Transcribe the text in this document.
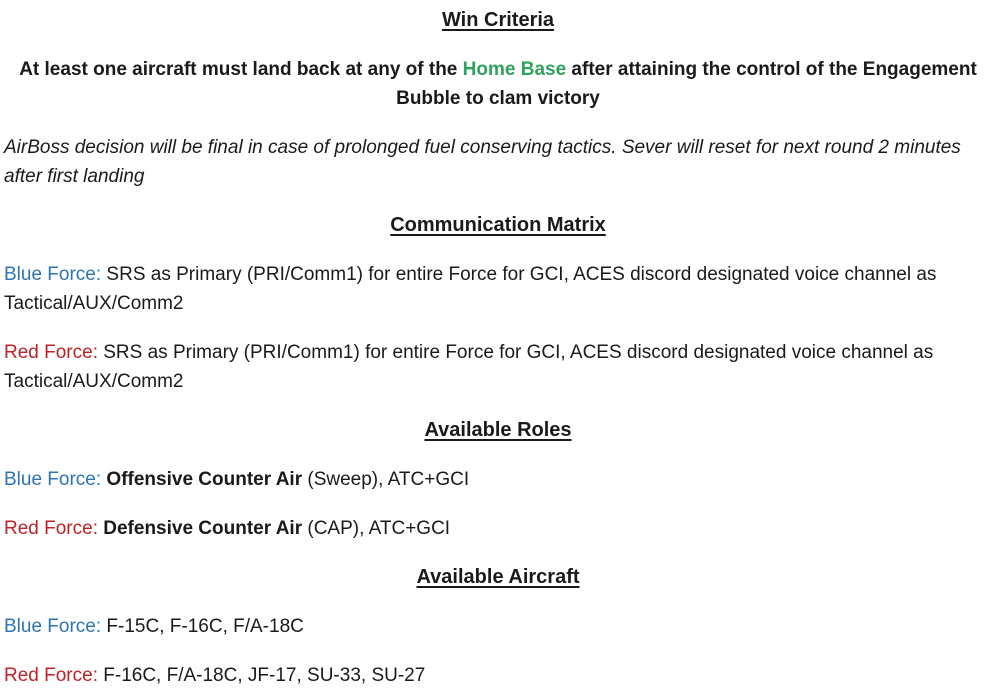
Win Criteria

At least one aircraft must land back at any of the Home Base after attaining the control of the Engagement Bubble to clam victory

AirBoss decision will be final in case of prolonged fuel conserving tactics. Sever will reset for next round 2 minutes after first landing

Communication Matrix

Blue Force: SRS as Primary (PRI/Comm1) for entire Force for GCI, ACES discord designated voice channel as Tactical/AUX/Comm2

Red Force: SRS as Primary (PRI/Comm1) for entire Force for GCI, ACES discord designated voice channel as Tactical/AUX/Comm2

Available Roles

Blue Force: Offensive Counter Air (Sweep), ATC+GCI

Red Force: Defensive Counter Air (CAP), ATC+GCI

Available Aircraft

Blue Force: F-15C, F-16C, F/A-18C

Red Force: F-16C, F/A-18C, JF-17, SU-33, SU-27
